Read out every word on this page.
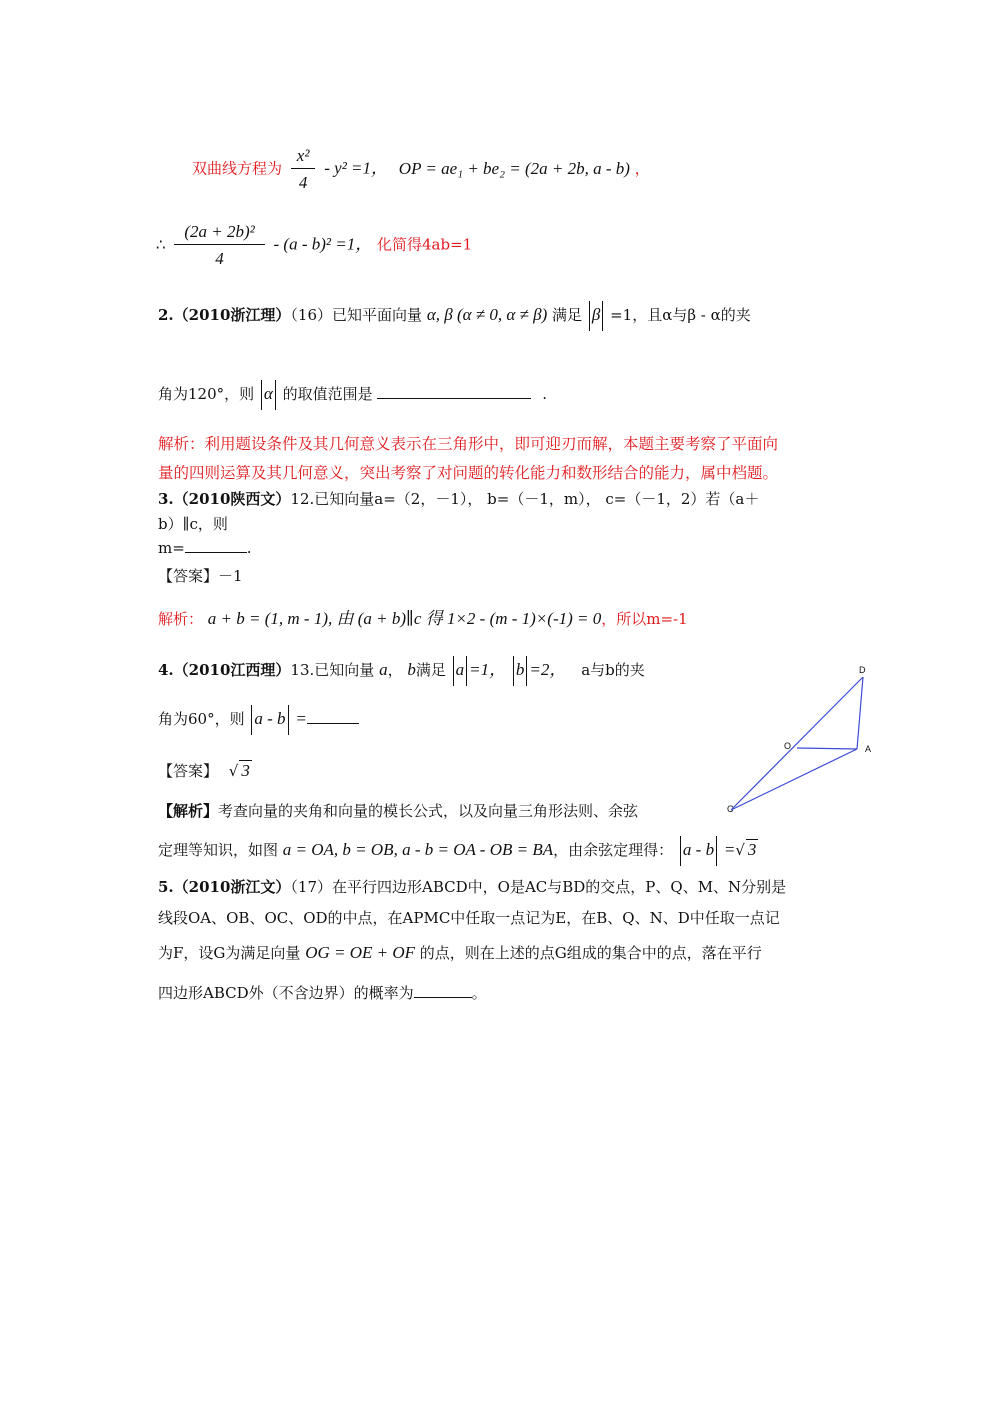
双曲线方程为 $\frac{\text{x²}}{4} - y^2 =1$， OP = ae₁ + be₂ = (2a + 2b, a - b) ，
∴ $\frac{\text{(2a + 2b)²}}{4} - (a - b)^2 =1$， 化简得4ab=1
2.（2010浙江理）（16）已知平面向量 α, β (α ≠ 0, α ≠ β) 满足 β =1，且α与β - α的夹
角为120°，则 α 的取值范围是	.
解析：利用题设条件及其几何意义表示在三角形中，即可迎刃而解，本题主要考察了平面向
量的四则运算及其几何意义，突出考察了对问题的转化能力和数形结合的能力，属中档题。
3.（2010陕西文）12.已知向量a=（2，－1）， b=（－1，m）， c=（－1，2）若（a＋
b）∥c，则
m=	.
【答案】－1
解析： a + b = (1, m - 1), 由 (a + b)∥c 得 1×2 - (m - 1)×(-1) = 0，所以m=-1
4.（2010江西理）13.已知向量 a， b满足 a =1， b =2， a与b的夹
角为60°，则 a - b =
【答案】 √ 3
【解析】考查向量的夹角和向量的模长公式，以及向量三角形法则、余弦
定理等知识，如图 a = OA, b = OB, a - b = OA - OB = BA，由余弦定理得： a - b =√ 3
D
O	A
C
5.（2010浙江文）（17）在平行四边形ABCD中，O是AC与BD的交点，P、Q、M、N分别是
线段OA、OB、OC、OD的中点，在APMC中任取一点记为E，在B、Q、N、D中任取一点记
为F，设G为满足向量 OG = OE + OF 的点，则在上述的点G组成的集合中的点，落在平行
四边形ABCD外（不含边界）的概率为	。
